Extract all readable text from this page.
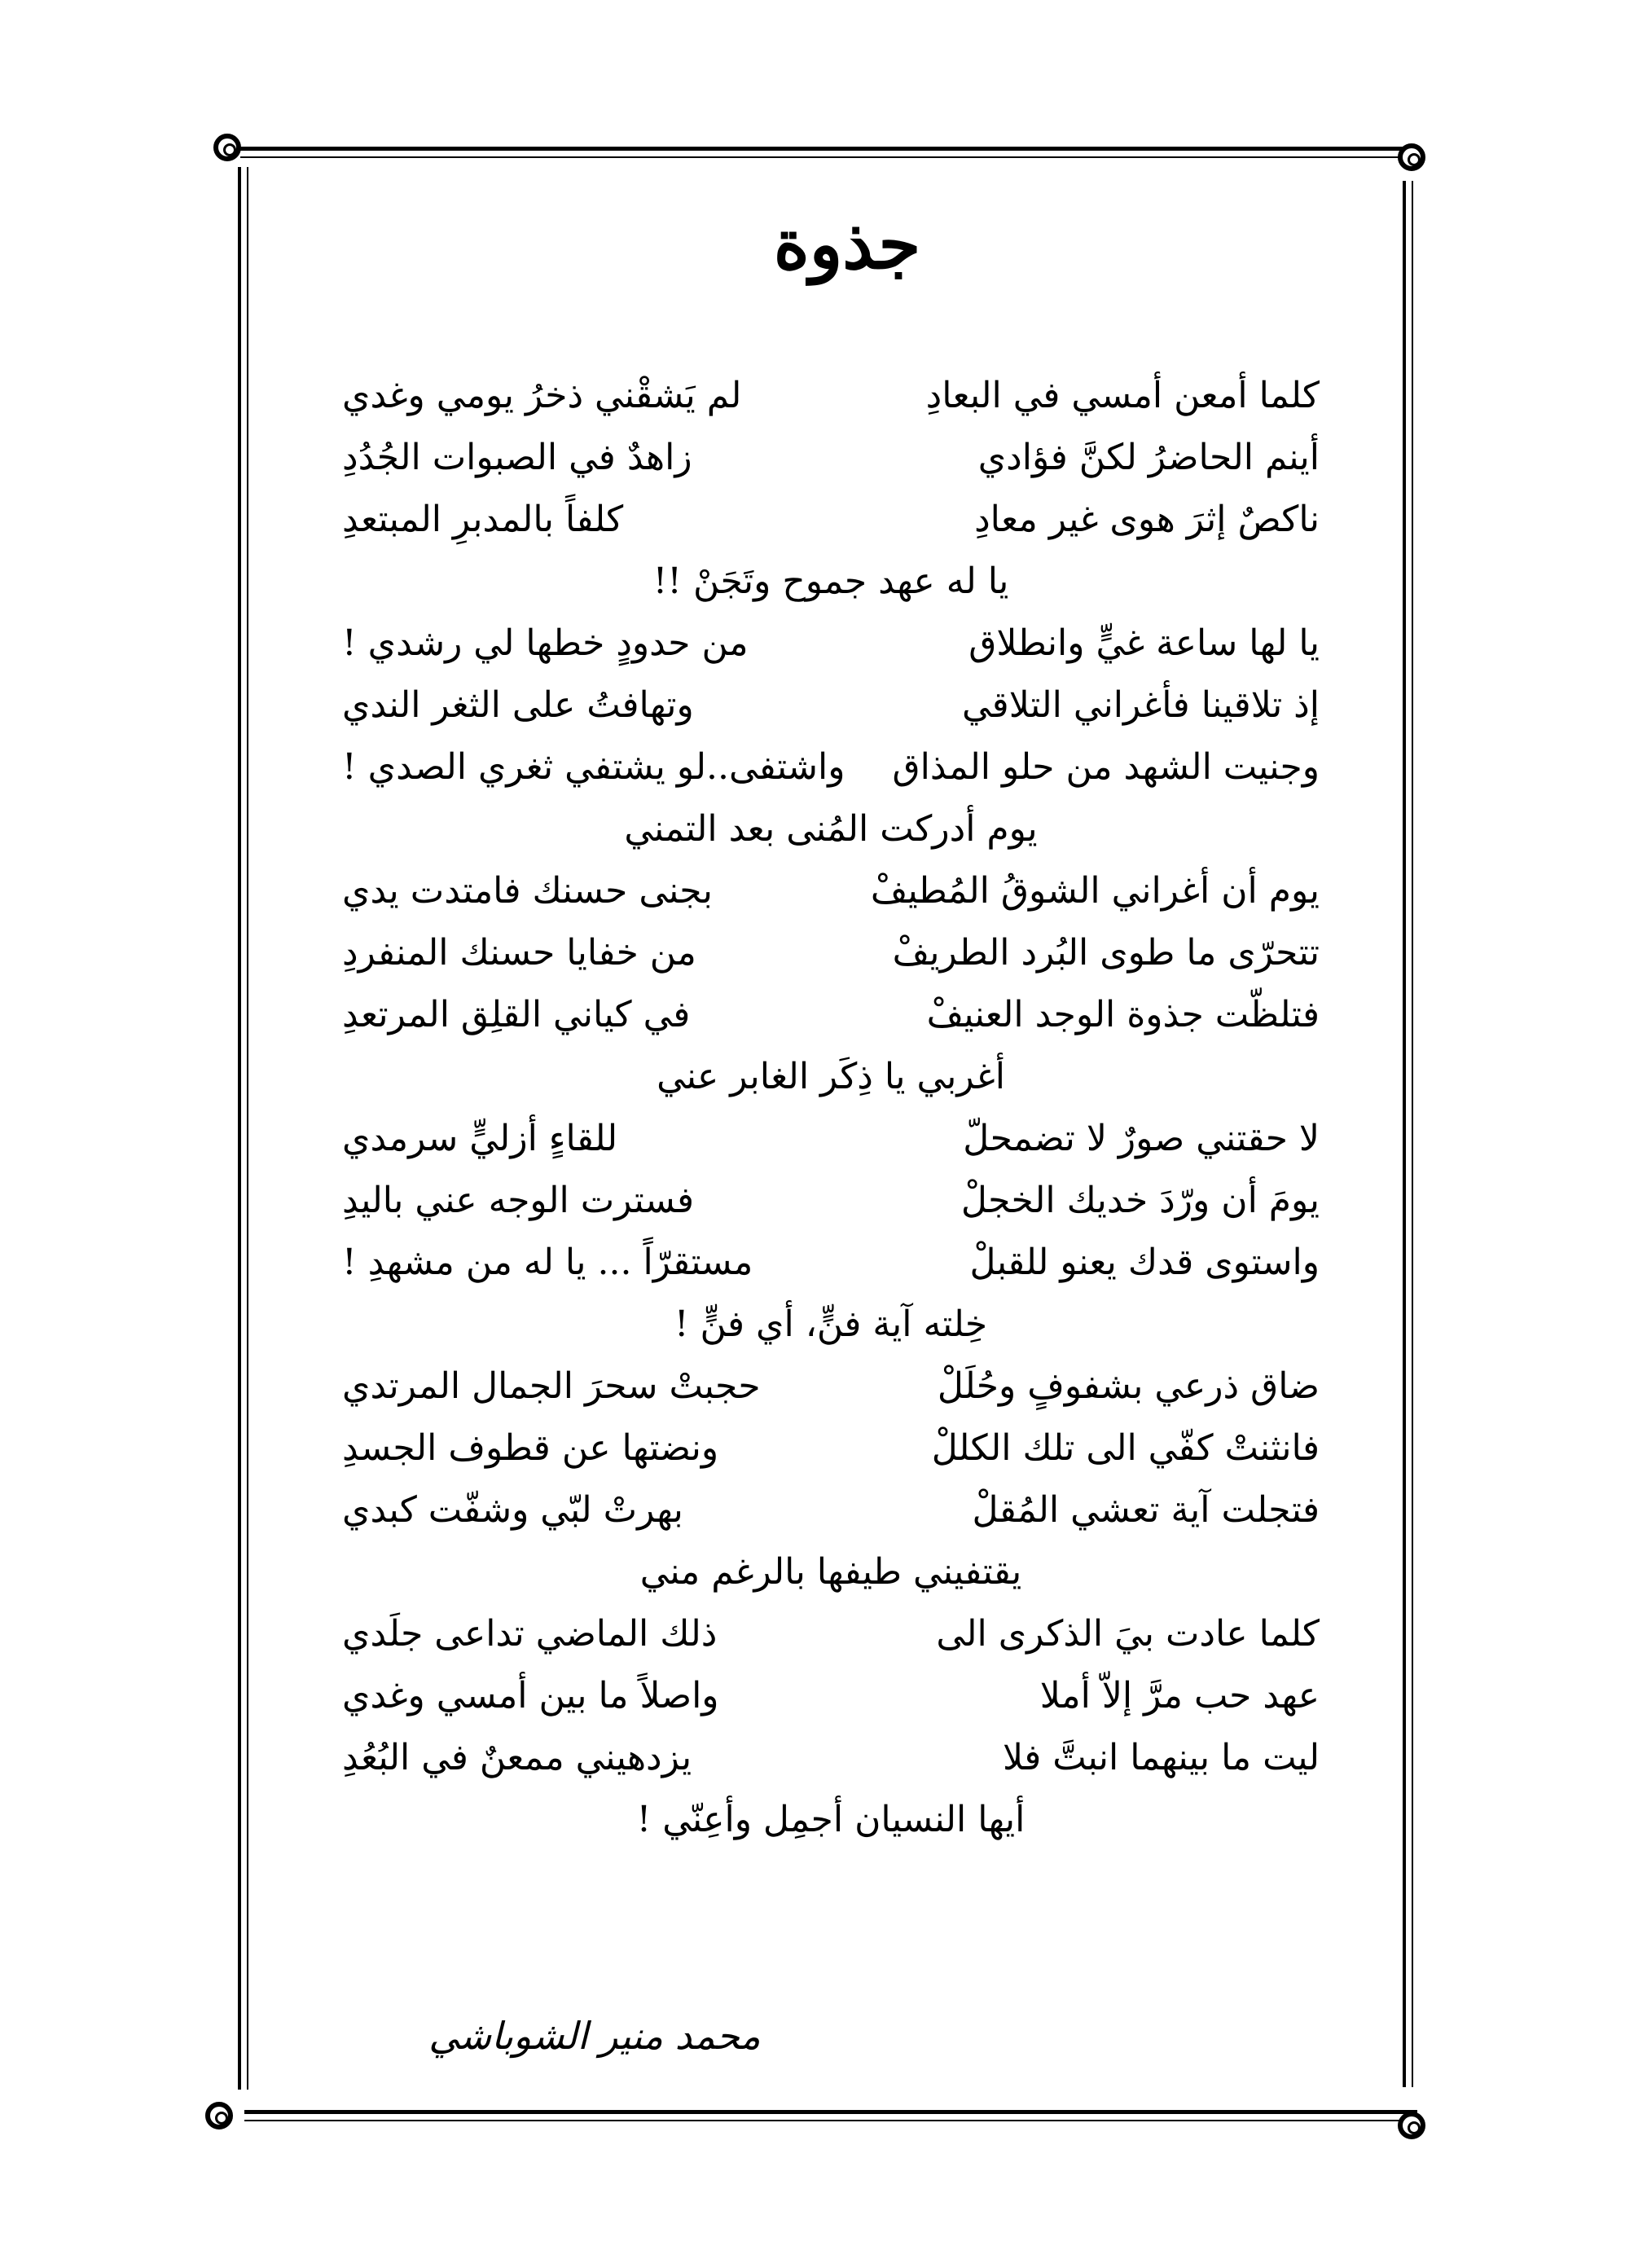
جذوة
كلما أمعن أمسي في البعادِ
لم يَشقْني ذخرُ يومي وغدي
أينم الحاضرُ لكنَّ فؤادي
زاهدٌ في الصبوات الجُدُدِ
ناكصٌ إثرَ هوى غير معادِ
كلفاً بالمدبرِ المبتعدِ
يا له عهد جموح وتَجَنْ !!
يا لها ساعة غيٍّ وانطلاق
من حدودٍ خطها لي رشدي !
إذ تلاقينا فأغراني التلاقي
وتهافتُ على الثغر الندي
وجنيت الشهد من حلو المذاق
واشتفى..لو يشتفي ثغري الصدي !
يوم أدركت المُنى بعد التمني
يوم أن أغراني الشوقُ المُطيفْ
بجنى حسنك فامتدت يدي
تتحرّى ما طوى البُرد الطريفْ
من خفايا حسنك المنفردِ
فتلظّت جذوة الوجد العنيفْ
في كياني القلِق المرتعدِ
أغربي يا ذِكَر الغابر عني
لا حقتني صورٌ لا تضمحلّ
للقاءٍ أزليٍّ سرمدي
يومَ أن ورّدَ خديك الخجلْ
فسترت الوجه عني باليدِ
واستوى قدك يعنو للقبلْ
مستقرّاً ... يا له من مشهدِ !
خِلته آية فنٍّ، أي فنٍّ !
ضاق ذرعي بشفوفٍ وحُلَلْ
حجبتْ سحرَ الجمال المرتدي
فانثنتْ كفّي الى تلك الكللْ
ونضتها عن قطوف الجسدِ
فتجلت آية تعشي المُقلْ
بهرتْ لبّي وشفّت كبدي
يقتفيني طيفها بالرغم مني
كلما عادت بيَ الذكرى الى
ذلك الماضي تداعى جلَدي
عهد حب مرَّ إلاّ أملا
واصلاً ما بين أمسي وغدي
ليت ما بينهما انبتَّ فلا
يزدهيني ممعنٌ في البُعُدِ
أيها النسيان أجمِل وأعِنّي !
محمد منير الشوباشي
